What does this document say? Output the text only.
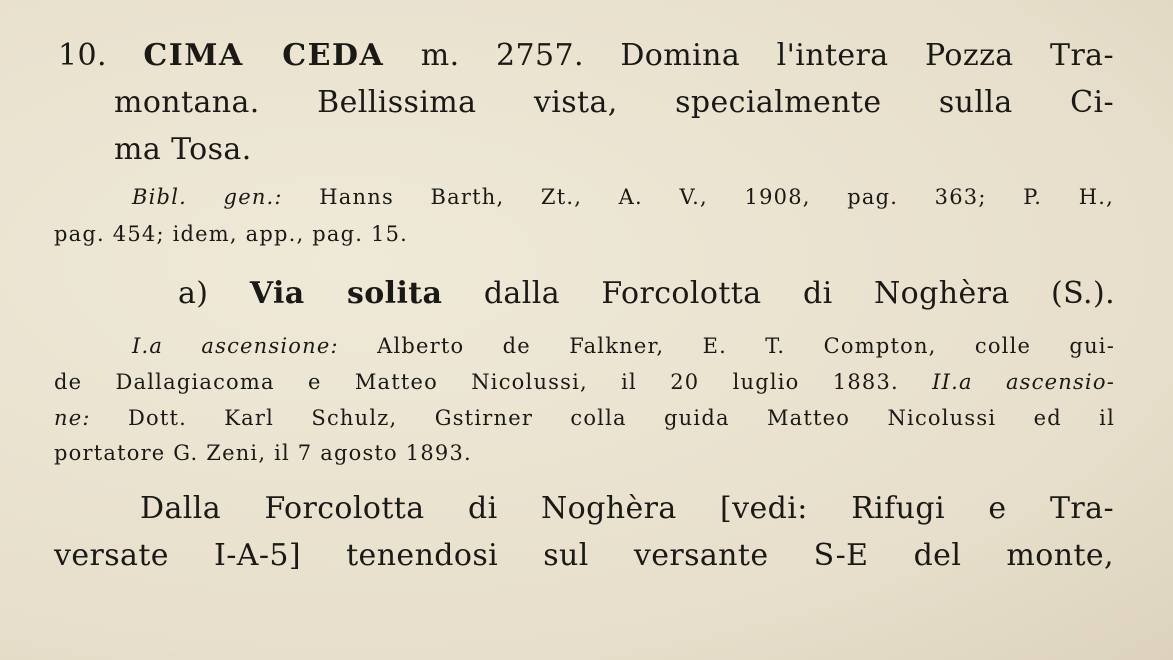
10. CIMA CEDA m. 2757. Domina l'intera Pozza Tra-
montana. Bellissima vista, specialmente sulla Ci-
ma Tosa.
Bibl. gen.: Hanns Barth, Zt., A. V., 1908, pag. 363; P. H.,
pag. 454; idem, app., pag. 15.
a) Via solita dalla Forcolotta di Noghèra (S.).
I.a ascensione: Alberto de Falkner, E. T. Compton, colle gui-
de Dallagiacoma e Matteo Nicolussi, il 20 luglio 1883. II.a ascensio-
ne: Dott. Karl Schulz, Gstirner colla guida Matteo Nicolussi ed il
portatore G. Zeni, il 7 agosto 1893.
Dalla Forcolotta di Noghèra [vedi: Rifugi e Tra-
versate I-A-5] tenendosi sul versante S-E del monte,
